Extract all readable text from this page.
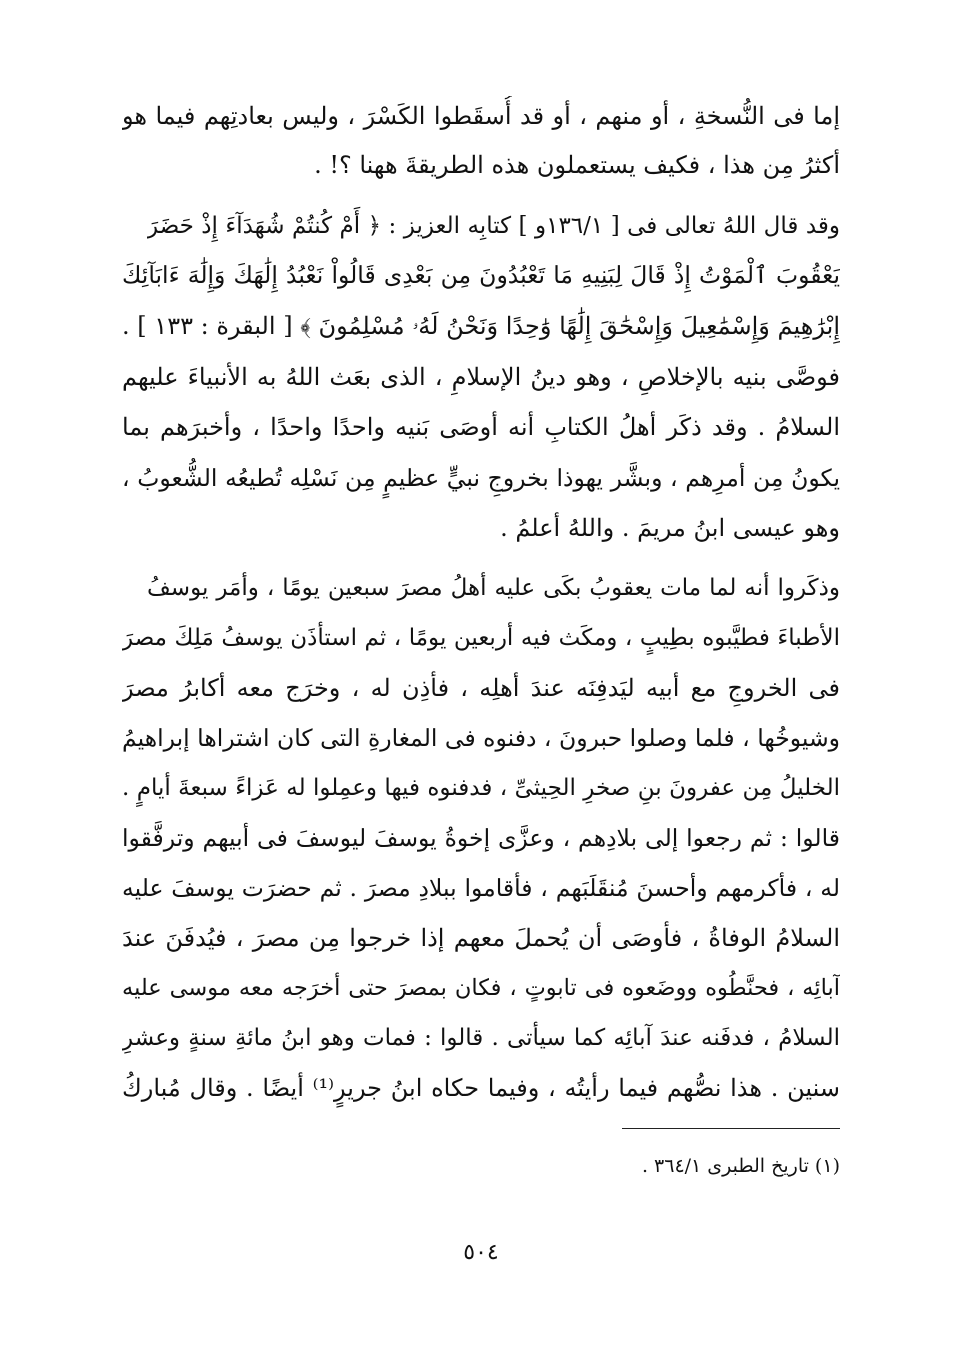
إما فى النُّسخةِ ، أو منهم ، أو قد أُسقَطوا الكَسْرَ ، وليس بعادتِهم فيما هو
أكثرُ مِن هذا ، فكيف يستعملون هذه الطريقةَ ههنا ؟! .
وقد قال اللهُ تعالى فى [ ١٣٦/١و ] كتابِه العزيز : ﴿ أَمْ كُنتُمْ شُهَدَآءَ إِذْ حَضَرَ
يَعْقُوبَ ٱلْمَوْتُ إِذْ قَالَ لِبَنِيهِ مَا تَعْبُدُونَ مِن بَعْدِى قَالُواْ نَعْبُدُ إِلَٰهَكَ وَإِلَٰهَ ءَابَآئِكَ
إِبْرَٰهِيمَ وَإِسْمَٰعِيلَ وَإِسْحَٰقَ إِلَٰهًا وَٰحِدًا وَنَحْنُ لَهُۥ مُسْلِمُونَ ﴾ [ البقرة : ١٣٣ ] .
فوصَّى بنيه بالإخلاصِ ، وهو دينُ الإسلامِ ، الذى بعَث اللهُ به الأنبياءَ عليهم
السلامُ . وقد ذكَر أهلُ الكتابِ أنه أوصَى بَنيه واحدًا واحدًا ، وأخبرَهم بما
يكونُ مِن أمرِهم ، وبشَّر يهوذا بخروجِ نبيٍّ عظيمٍ مِن نَسْلِه تُطيعُه الشُّعوبُ ،
وهو عيسى ابنُ مريمَ . واللهُ أعلمُ .
وذكَروا أنه لما مات يعقوبُ بكَى عليه أهلُ مصرَ سبعين يومًا ، وأمَر يوسفُ
الأطباءَ فطيَّبوه بطِيبٍ ، ومكَث فيه أربعين يومًا ، ثم استأذَن يوسفُ مَلِكَ مصرَ
فى الخروجِ مع أبيه ليَدفِنَه عندَ أهلِه ، فأذِن له ، وخرَج معه أكابرُ مصرَ
وشيوخُها ، فلما وصلوا حبرونَ ، دفنوه فى المغارةِ التى كان اشتراها إبراهيمُ
الخليلُ مِن عفرونَ بنِ صخرِ الحِيثىِّ ، فدفنوه فيها وعمِلوا له عَزاءً سبعةَ أيامٍ .
قالوا : ثم رجعوا إلى بلادِهم ، وعزَّى إخوةُ يوسفَ ليوسفَ فى أبيهم وترفَّقوا
له ، فأكرمهم وأحسنَ مُنقَلَبَهم ، فأقاموا ببلادِ مصرَ . ثم حضرَت يوسفَ عليه
السلامُ الوفاةُ ، فأوصَى أن يُحملَ معهم إذا خرجوا مِن مصرَ ، فيُدفَنَ عندَ
آبائِه ، فحنَّطُوه ووضَعوه فى تابوتٍ ، فكان بمصرَ حتى أخرَجه معه موسى عليه
السلامُ ، فدفَنه عندَ آبائِه كما سيأتى . قالوا : فمات وهو ابنُ مائةِ سنةٍ وعشرِ
سنين . هذا نصُّهم فيما رأيتُه ، وفيما حكاه ابنُ جريرٍ⁽¹⁾ أيضًا . وقال مُباركُ
(١) تاريخ الطبرى ٣٦٤/١ .
٥٠٤
